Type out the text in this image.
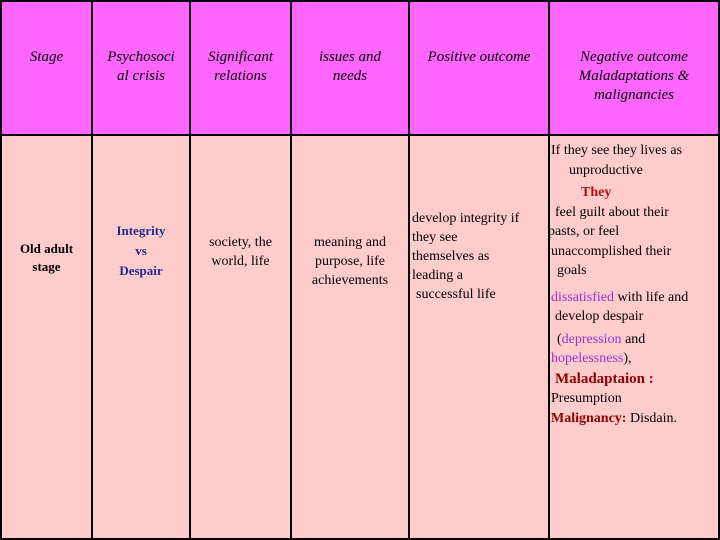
Stage	Psychosoci
al crisis
Significant
relations
issues and
needs
Positive outcome	Negative outcome
Maladaptations &
malignancies
Old adult
stage
Integrity
vs
Despair
society, the
world, life
meaning and
purpose, life
achievements
develop integrity if
they see
themselves as
leading a
successful life
If they see they lives as
unproductive
They
feel guilt about their
pasts, or feel
unaccomplished their
goals
dissatisfied with life and
develop despair
(depression and
hopelessness),
Maladaptaion :
Presumption
Malignancy: Disdain.
